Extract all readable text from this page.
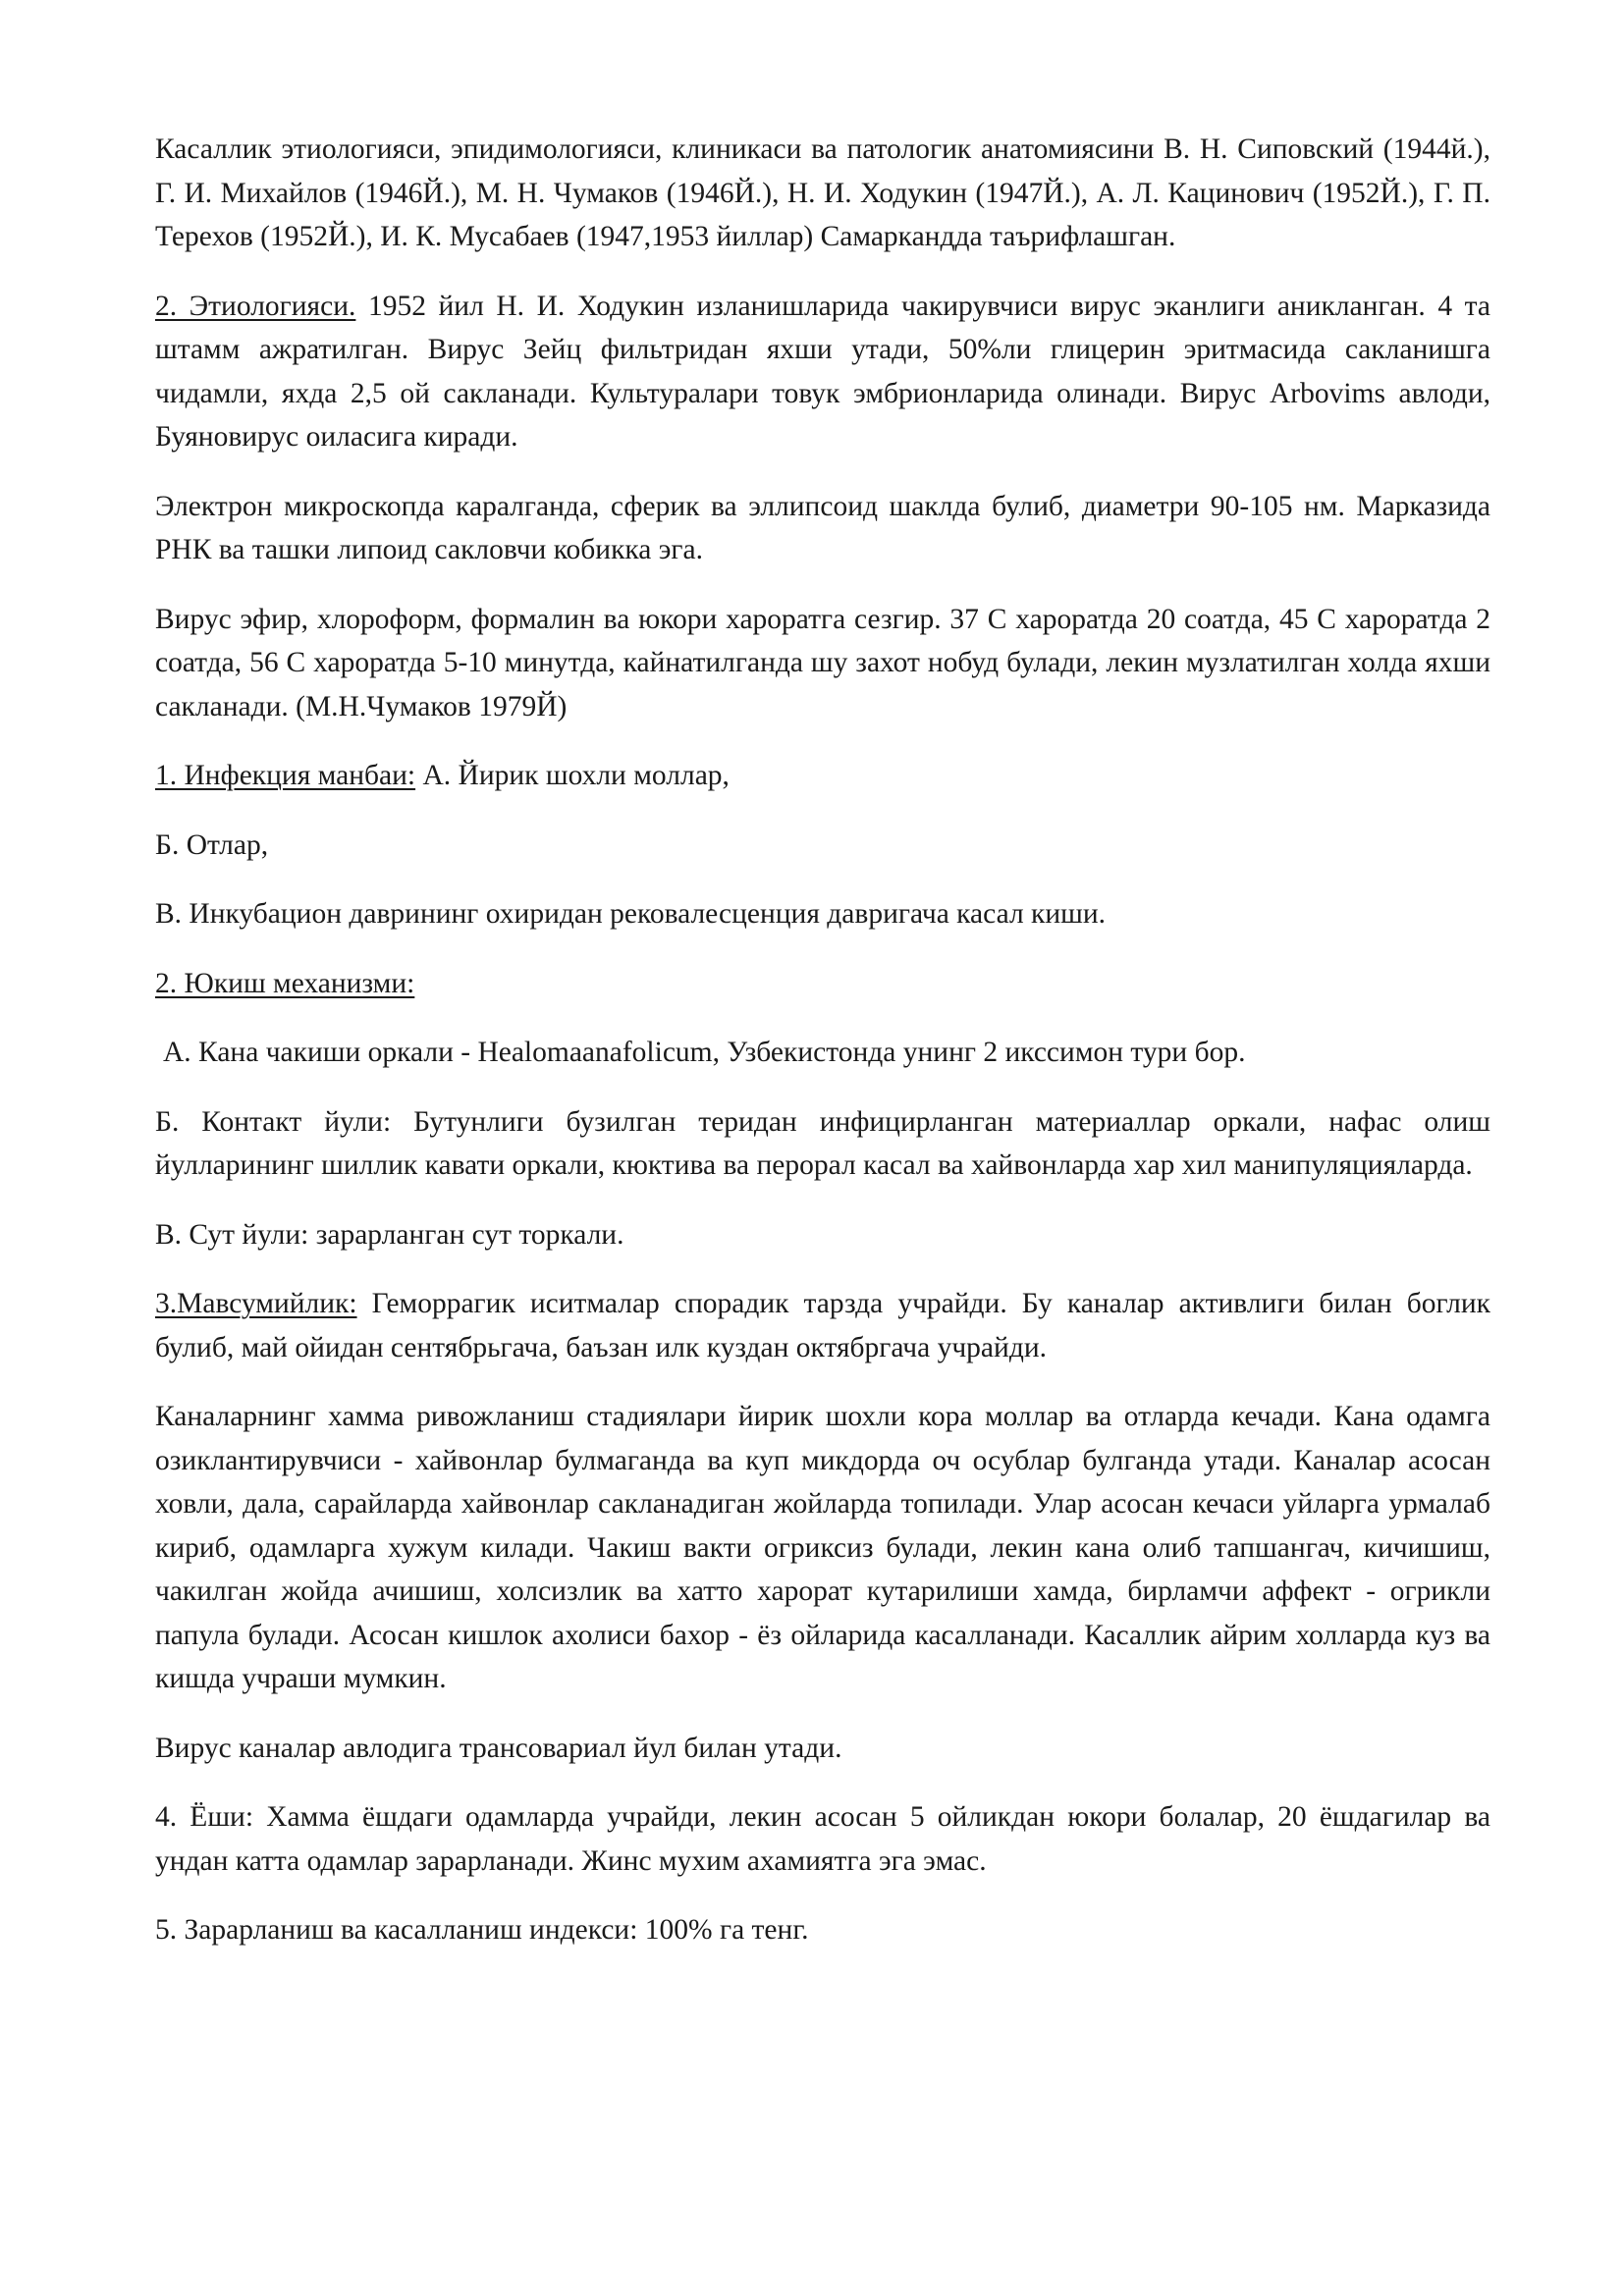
Касаллик этиологияси, эпидимологияси, клиникаси ва патологик анатомиясини В. Н. Сиповский (1944й.), Г. И. Михайлов (1946Й.), М. Н. Чумаков (1946Й.), Н. И. Ходукин (1947Й.), А. Л. Кацинович (1952Й.), Г. П. Терехов (1952Й.), И. К. Мусабаев (1947,1953 йиллар) Самаркандда таърифлашган.

2. Этиологияси. 1952 йил Н. И. Ходукин изланишларида чакирувчиси вирус эканлиги аникланган. 4 та штамм ажратилган. Вирус Зейц фильтридан яхши утади, 50%ли глицерин эритмасида сакланишга чидамли, яхда 2,5 ой сакланади. Культуралари товук эмбрионларида олинади. Вирус Arbovims авлоди, Буяновирус оиласига киради.

Электрон микроскопда каралганда, сферик ва эллипсоид шаклда булиб, диаметри 90-105 нм. Марказида РНК ва ташки липоид сакловчи кобикка эга.

Вирус эфир, хлороформ, формалин ва юкори хароратга сезгир. 37 С хароратда 20 соатда, 45 С хароратда 2 соатда, 56 С хароратда 5-10 минутда, кайнатилганда шу захот нобуд булади, лекин музлатилган холда яхши сакланади. (М.Н.Чумаков 1979Й)

1. Инфекция манбаи: А. Йирик шохли моллар,

Б. Отлар,

В. Инкубацион даврининг охиридан рековалесценция давригача касал киши.

2. Юкиш механизми:

А. Кана чакиши оркали - Healomaanafolicum, Узбекистонда унинг 2 икссимон тури бор.

Б. Контакт йули: Бутунлиги бузилган теридан инфицирланган материаллар оркали, нафас олиш йулларининг шиллик кавати оркали, кюктива ва перорал касал ва хайвонларда хар хил манипуляцияларда.

В. Сут йули: зарарланган сут торкали.

3.Мавсумийлик: Геморрагик иситмалар спорадик тарзда учрайди. Бу каналар активлиги билан боглик булиб, май ойидан сентябрьгача, баъзан илк куздан октябргача учрайди.

Каналарнинг хамма ривожланиш стадиялари йирик шохли кора моллар ва отларда кечади. Кана одамга озиклантирувчиси - хайвонлар булмаганда ва куп микдорда оч осублар булганда утади. Каналар асосан ховли, дала, сарайларда хайвонлар сакланадиган жойларда топилади. Улар асосан кечаси уйларга урмалаб кириб, одамларга хужум килади. Чакиш вакти огриксиз булади, лекин кана олиб тапшангач, кичишиш, чакилган жойда ачишиш, холсизлик ва хатто харорат кутарилиши хамда, бирламчи аффект - огрикли папула булади. Асосан кишлок ахолиси бахор - ёз ойларида касалланади. Касаллик айрим холларда куз ва кишда учраши мумкин.

Вирус каналар авлодига трансовариал йул билан утади.

4. Ёши: Хамма ёшдаги одамларда учрайди, лекин асосан 5 ойликдан юкори болалар, 20 ёшдагилар ва ундан катта одамлар зарарланади. Жинс мухим ахамиятга эга эмас.

5. Зарарланиш ва касалланиш индекси: 100% га тенг.
